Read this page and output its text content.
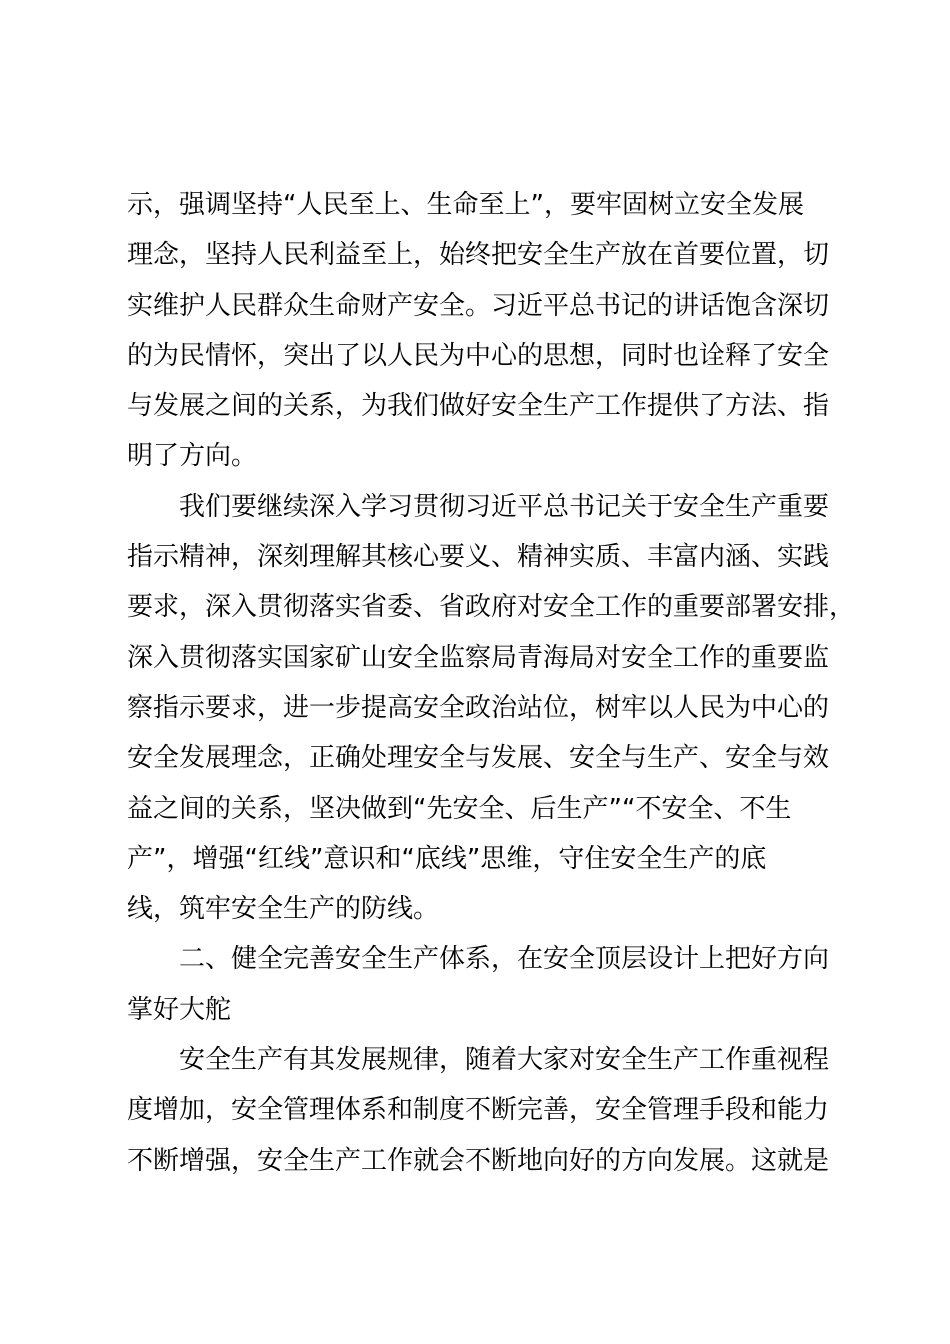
示，强调坚持“人民至上、生命至上”，要牢固树立安全发展
理念，坚持人民利益至上，始终把安全生产放在首要位置，切
实维护人民群众生命财产安全。习近平总书记的讲话饱含深切
的为民情怀，突出了以人民为中心的思想，同时也诠释了安全
与发展之间的关系，为我们做好安全生产工作提供了方法、指
明了方向。
　　我们要继续深入学习贯彻习近平总书记关于安全生产重要
指示精神，深刻理解其核心要义、精神实质、丰富内涵、实践
要求，深入贯彻落实省委、省政府对安全工作的重要部署安排，
深入贯彻落实国家矿山安全监察局青海局对安全工作的重要监
察指示要求，进一步提高安全政治站位，树牢以人民为中心的
安全发展理念，正确处理安全与发展、安全与生产、安全与效
益之间的关系，坚决做到“先安全、后生产”“不安全、不生
产”，增强“红线”意识和“底线”思维，守住安全生产的底
线，筑牢安全生产的防线。
　　二、健全完善安全生产体系，在安全顶层设计上把好方向
掌好大舵
　　安全生产有其发展规律，随着大家对安全生产工作重视程
度增加，安全管理体系和制度不断完善，安全管理手段和能力
不断增强，安全生产工作就会不断地向好的方向发展。这就是
